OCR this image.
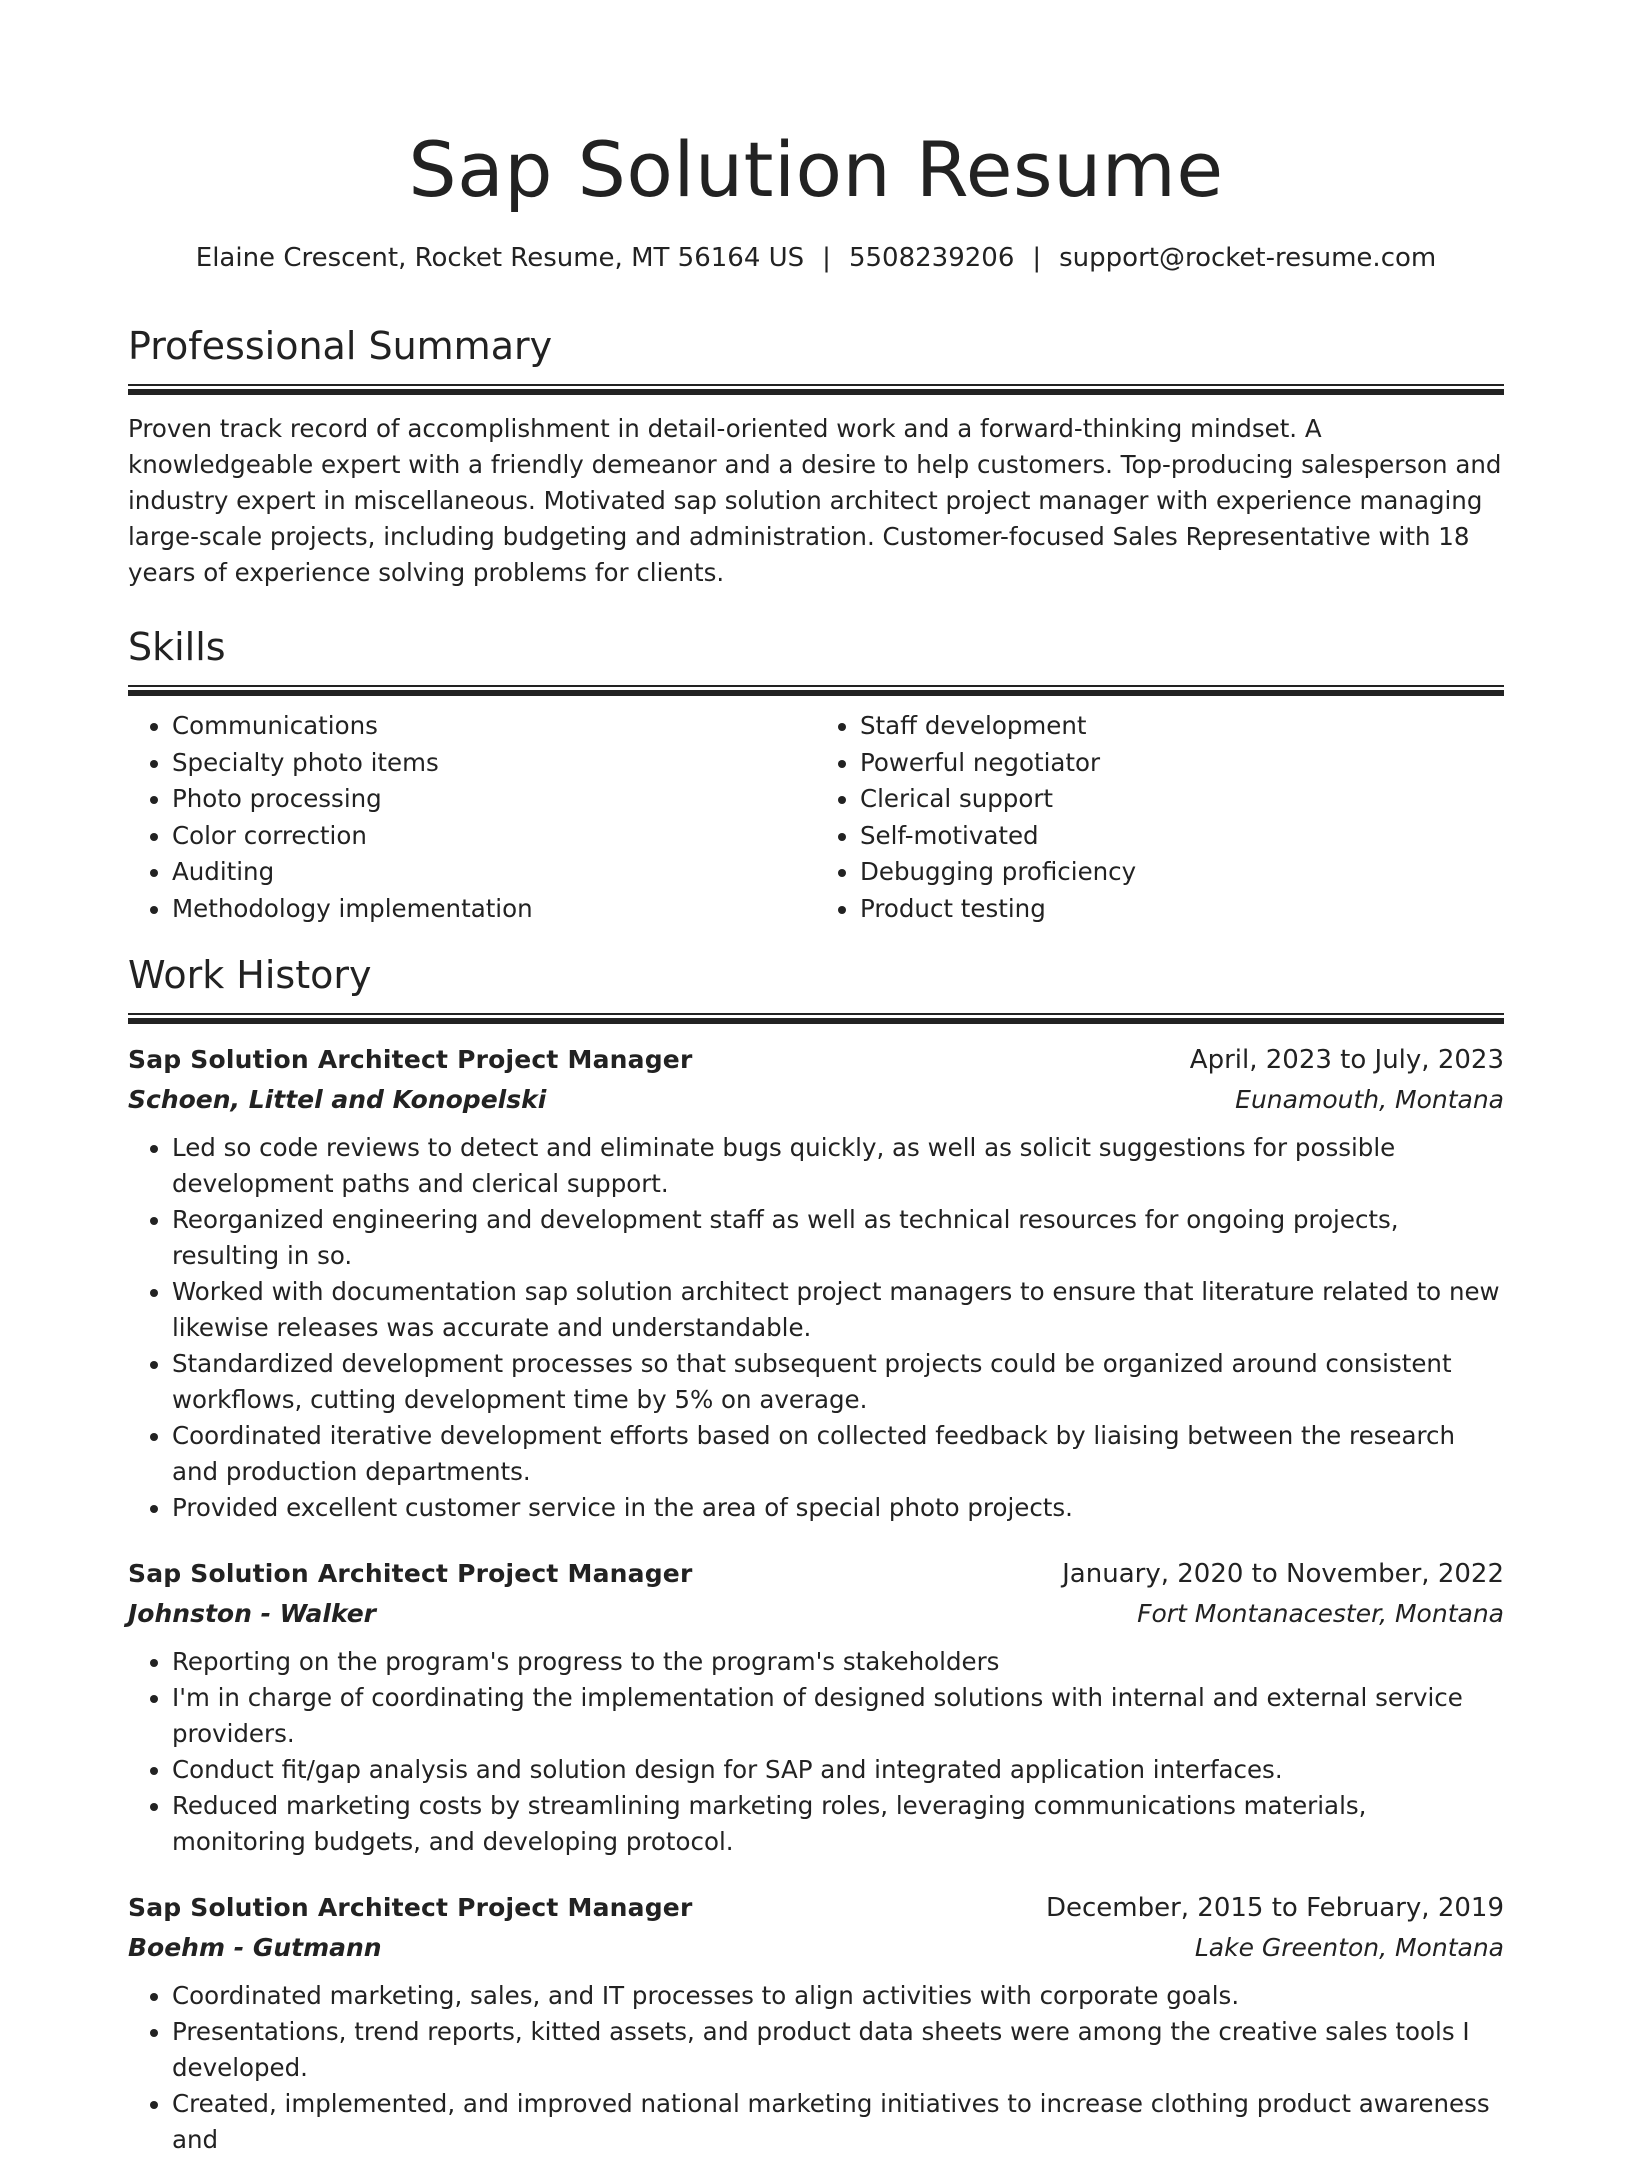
Sap Solution Resume
Elaine Crescent, Rocket Resume, MT 56164 US | 5508239206 | support@rocket-resume.com
Professional Summary

Proven track record of accomplishment in detail-oriented work and a forward-thinking mindset. A knowledgeable expert with a friendly demeanor and a desire to help customers. Top-producing salesperson and industry expert in miscellaneous. Motivated sap solution architect project manager with experience managing large-scale projects, including budgeting and administration. Customer-focused Sales Representative with 18 years of experience solving problems for clients.

Skills
• Communications
• Specialty photo items
• Photo processing
• Color correction
• Auditing
• Methodology implementation
• Staff development
• Powerful negotiator
• Clerical support
• Self-motivated
• Debugging proficiency
• Product testing
Work History
Sap Solution Architect Project Manager	April, 2023 to July, 2023
Schoen, Littel and Konopelski	Eunamouth, Montana
• Led so code reviews to detect and eliminate bugs quickly, as well as solicit suggestions for possible development paths and clerical support.
• Reorganized engineering and development staff as well as technical resources for ongoing projects, resulting in so.
• Worked with documentation sap solution architect project managers to ensure that literature related to new likewise releases was accurate and understandable.
• Standardized development processes so that subsequent projects could be organized around consistent workflows, cutting development time by 5% on average.
• Coordinated iterative development efforts based on collected feedback by liaising between the research and production departments.
• Provided excellent customer service in the area of special photo projects.
Sap Solution Architect Project Manager	January, 2020 to November, 2022
Johnston - Walker	Fort Montanacester, Montana
• Reporting on the program's progress to the program's stakeholders
• I'm in charge of coordinating the implementation of designed solutions with internal and external service providers.
• Conduct fit/gap analysis and solution design for SAP and integrated application interfaces.
• Reduced marketing costs by streamlining marketing roles, leveraging communications materials, monitoring budgets, and developing protocol.
Sap Solution Architect Project Manager	December, 2015 to February, 2019
Boehm - Gutmann	Lake Greenton, Montana
• Coordinated marketing, sales, and IT processes to align activities with corporate goals.
• Presentations, trend reports, kitted assets, and product data sheets were among the creative sales tools I developed.
• Created, implemented, and improved national marketing initiatives to increase clothing product awareness and
